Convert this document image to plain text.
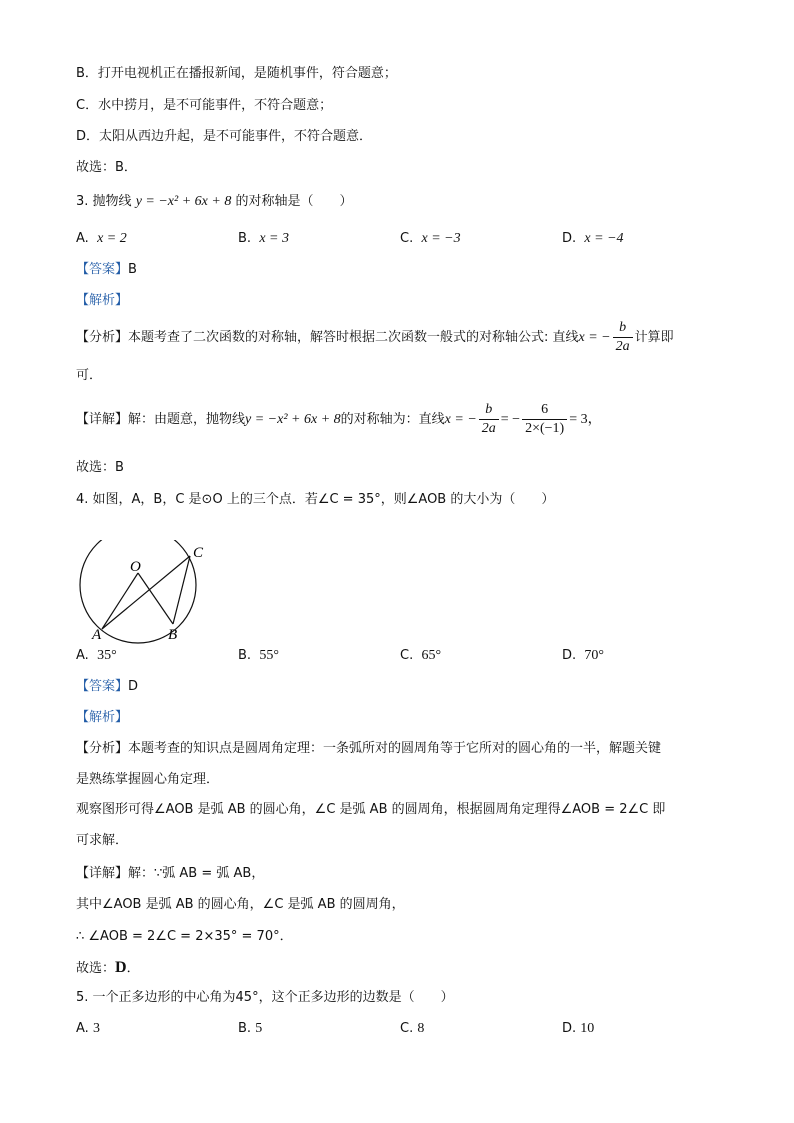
B．打开电视机正在播报新闻，是随机事件，符合题意；
C．水中捞月，是不可能事件，不符合题意；
D．太阳从西边升起，是不可能事件，不符合题意．
故选：B．
3. 抛物线 y = −x² + 6x + 8 的对称轴是（　　）
A. x = 2	B. x = 3	C. x = −3	D. x = −4
【答案】B
【解析】
【分析】本题考查了二次函数的对称轴，解答时根据二次函数一般式的对称轴公式: 直线x = − $\frac{b}{2a}$ 计算即
可．
【详解】解：由题意，抛物线y = −x² + 6x + 8的对称轴为：直线x = − $\frac{b}{2a}$ = − $\frac{6}{2\times(-1)} = 3$，
故选：B
4. 如图，A，B，C 是⊙O 上的三个点．若∠C = 35°，则∠AOB 的大小为（　　）
O
A	B
C
A. 35°	B. 55°	C. 65°	D. 70°
【答案】D
【解析】
【分析】本题考查的知识点是圆周角定理：一条弧所对的圆周角等于它所对的圆心角的一半，解题关键
是熟练掌握圆心角定理．
观察图形可得∠AOB 是弧 AB 的圆心角，∠C 是弧 AB 的圆周角，根据圆周角定理得∠AOB = 2∠C 即
可求解．
【详解】解：∵弧 AB = 弧 AB，
其中∠AOB 是弧 AB 的圆心角，∠C 是弧 AB 的圆周角，
∴ ∠AOB = 2∠C = 2×35° = 70°．
故选：D．
5. 一个正多边形的中心角为45°，这个正多边形的边数是（　　）
A. 3	B. 5	C. 8	D. 10
